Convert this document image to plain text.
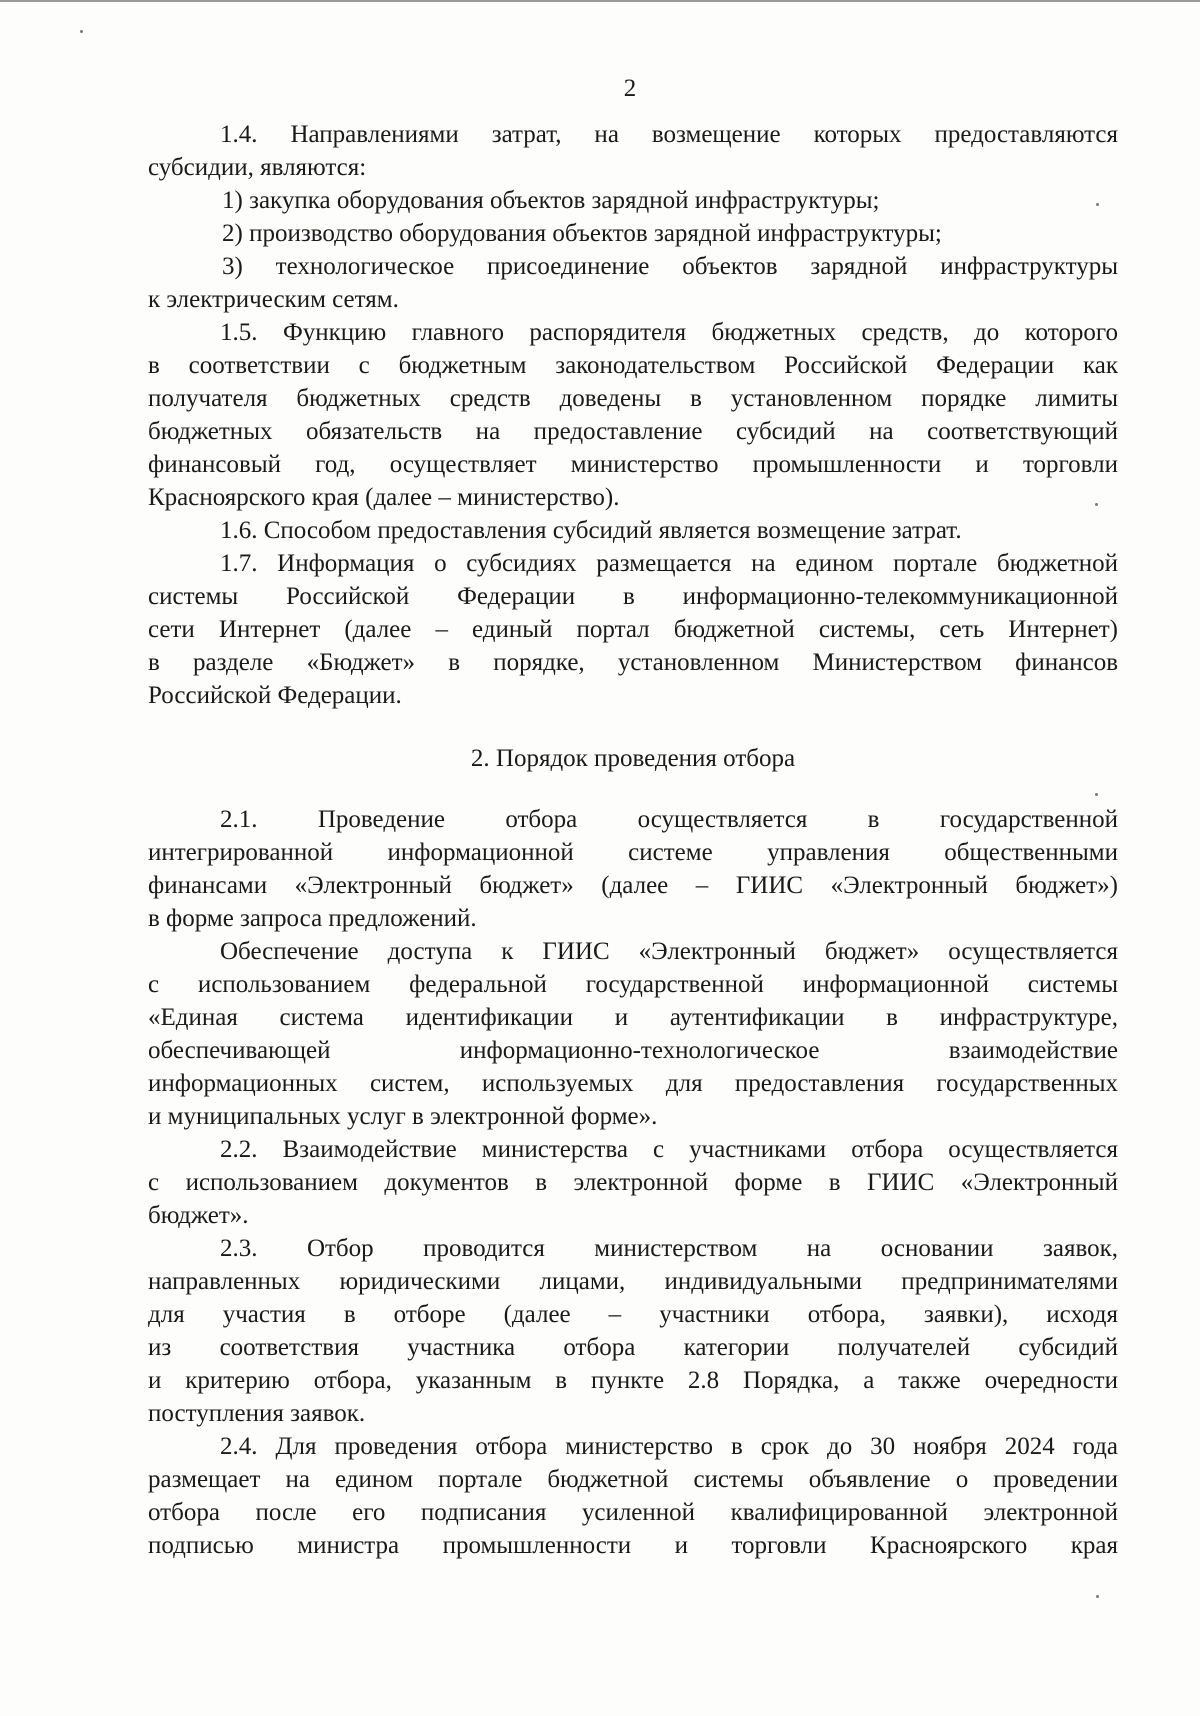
2
1.4. Направлениями затрат, на возмещение которых предоставляются
субсидии, являются:
1) закупка оборудования объектов зарядной инфраструктуры;
2) производство оборудования объектов зарядной инфраструктуры;
3) технологическое присоединение объектов зарядной инфраструктуры
к электрическим сетям.
1.5. Функцию главного распорядителя бюджетных средств, до которого
в соответствии с бюджетным законодательством Российской Федерации как
получателя бюджетных средств доведены в установленном порядке лимиты
бюджетных обязательств на предоставление субсидий на соответствующий
финансовый год, осуществляет министерство промышленности и торговли
Красноярского края (далее – министерство).
1.6. Способом предоставления субсидий является возмещение затрат.
1.7. Информация о субсидиях размещается на едином портале бюджетной
системы Российской Федерации в информационно-телекоммуникационной
сети Интернет (далее – единый портал бюджетной системы, сеть Интернет)
в разделе «Бюджет» в порядке, установленном Министерством финансов
Российской Федерации.
2. Порядок проведения отбора
2.1. Проведение отбора осуществляется в государственной
интегрированной информационной системе управления общественными
финансами «Электронный бюджет» (далее – ГИИС «Электронный бюджет»)
в форме запроса предложений.
Обеспечение доступа к ГИИС «Электронный бюджет» осуществляется
с использованием федеральной государственной информационной системы
«Единая система идентификации и аутентификации в инфраструктуре,
обеспечивающей информационно-технологическое взаимодействие
информационных систем, используемых для предоставления государственных
и муниципальных услуг в электронной форме».
2.2. Взаимодействие министерства с участниками отбора осуществляется
с использованием документов в электронной форме в ГИИС «Электронный
бюджет».
2.3. Отбор проводится министерством на основании заявок,
направленных юридическими лицами, индивидуальными предпринимателями
для участия в отборе (далее – участники отбора, заявки), исходя
из соответствия участника отбора категории получателей субсидий
и критерию отбора, указанным в пункте 2.8 Порядка, а также очередности
поступления заявок.
2.4. Для проведения отбора министерство в срок до 30 ноября 2024 года
размещает на едином портале бюджетной системы объявление о проведении
отбора после его подписания усиленной квалифицированной электронной
подписью министра промышленности и торговли Красноярского края
